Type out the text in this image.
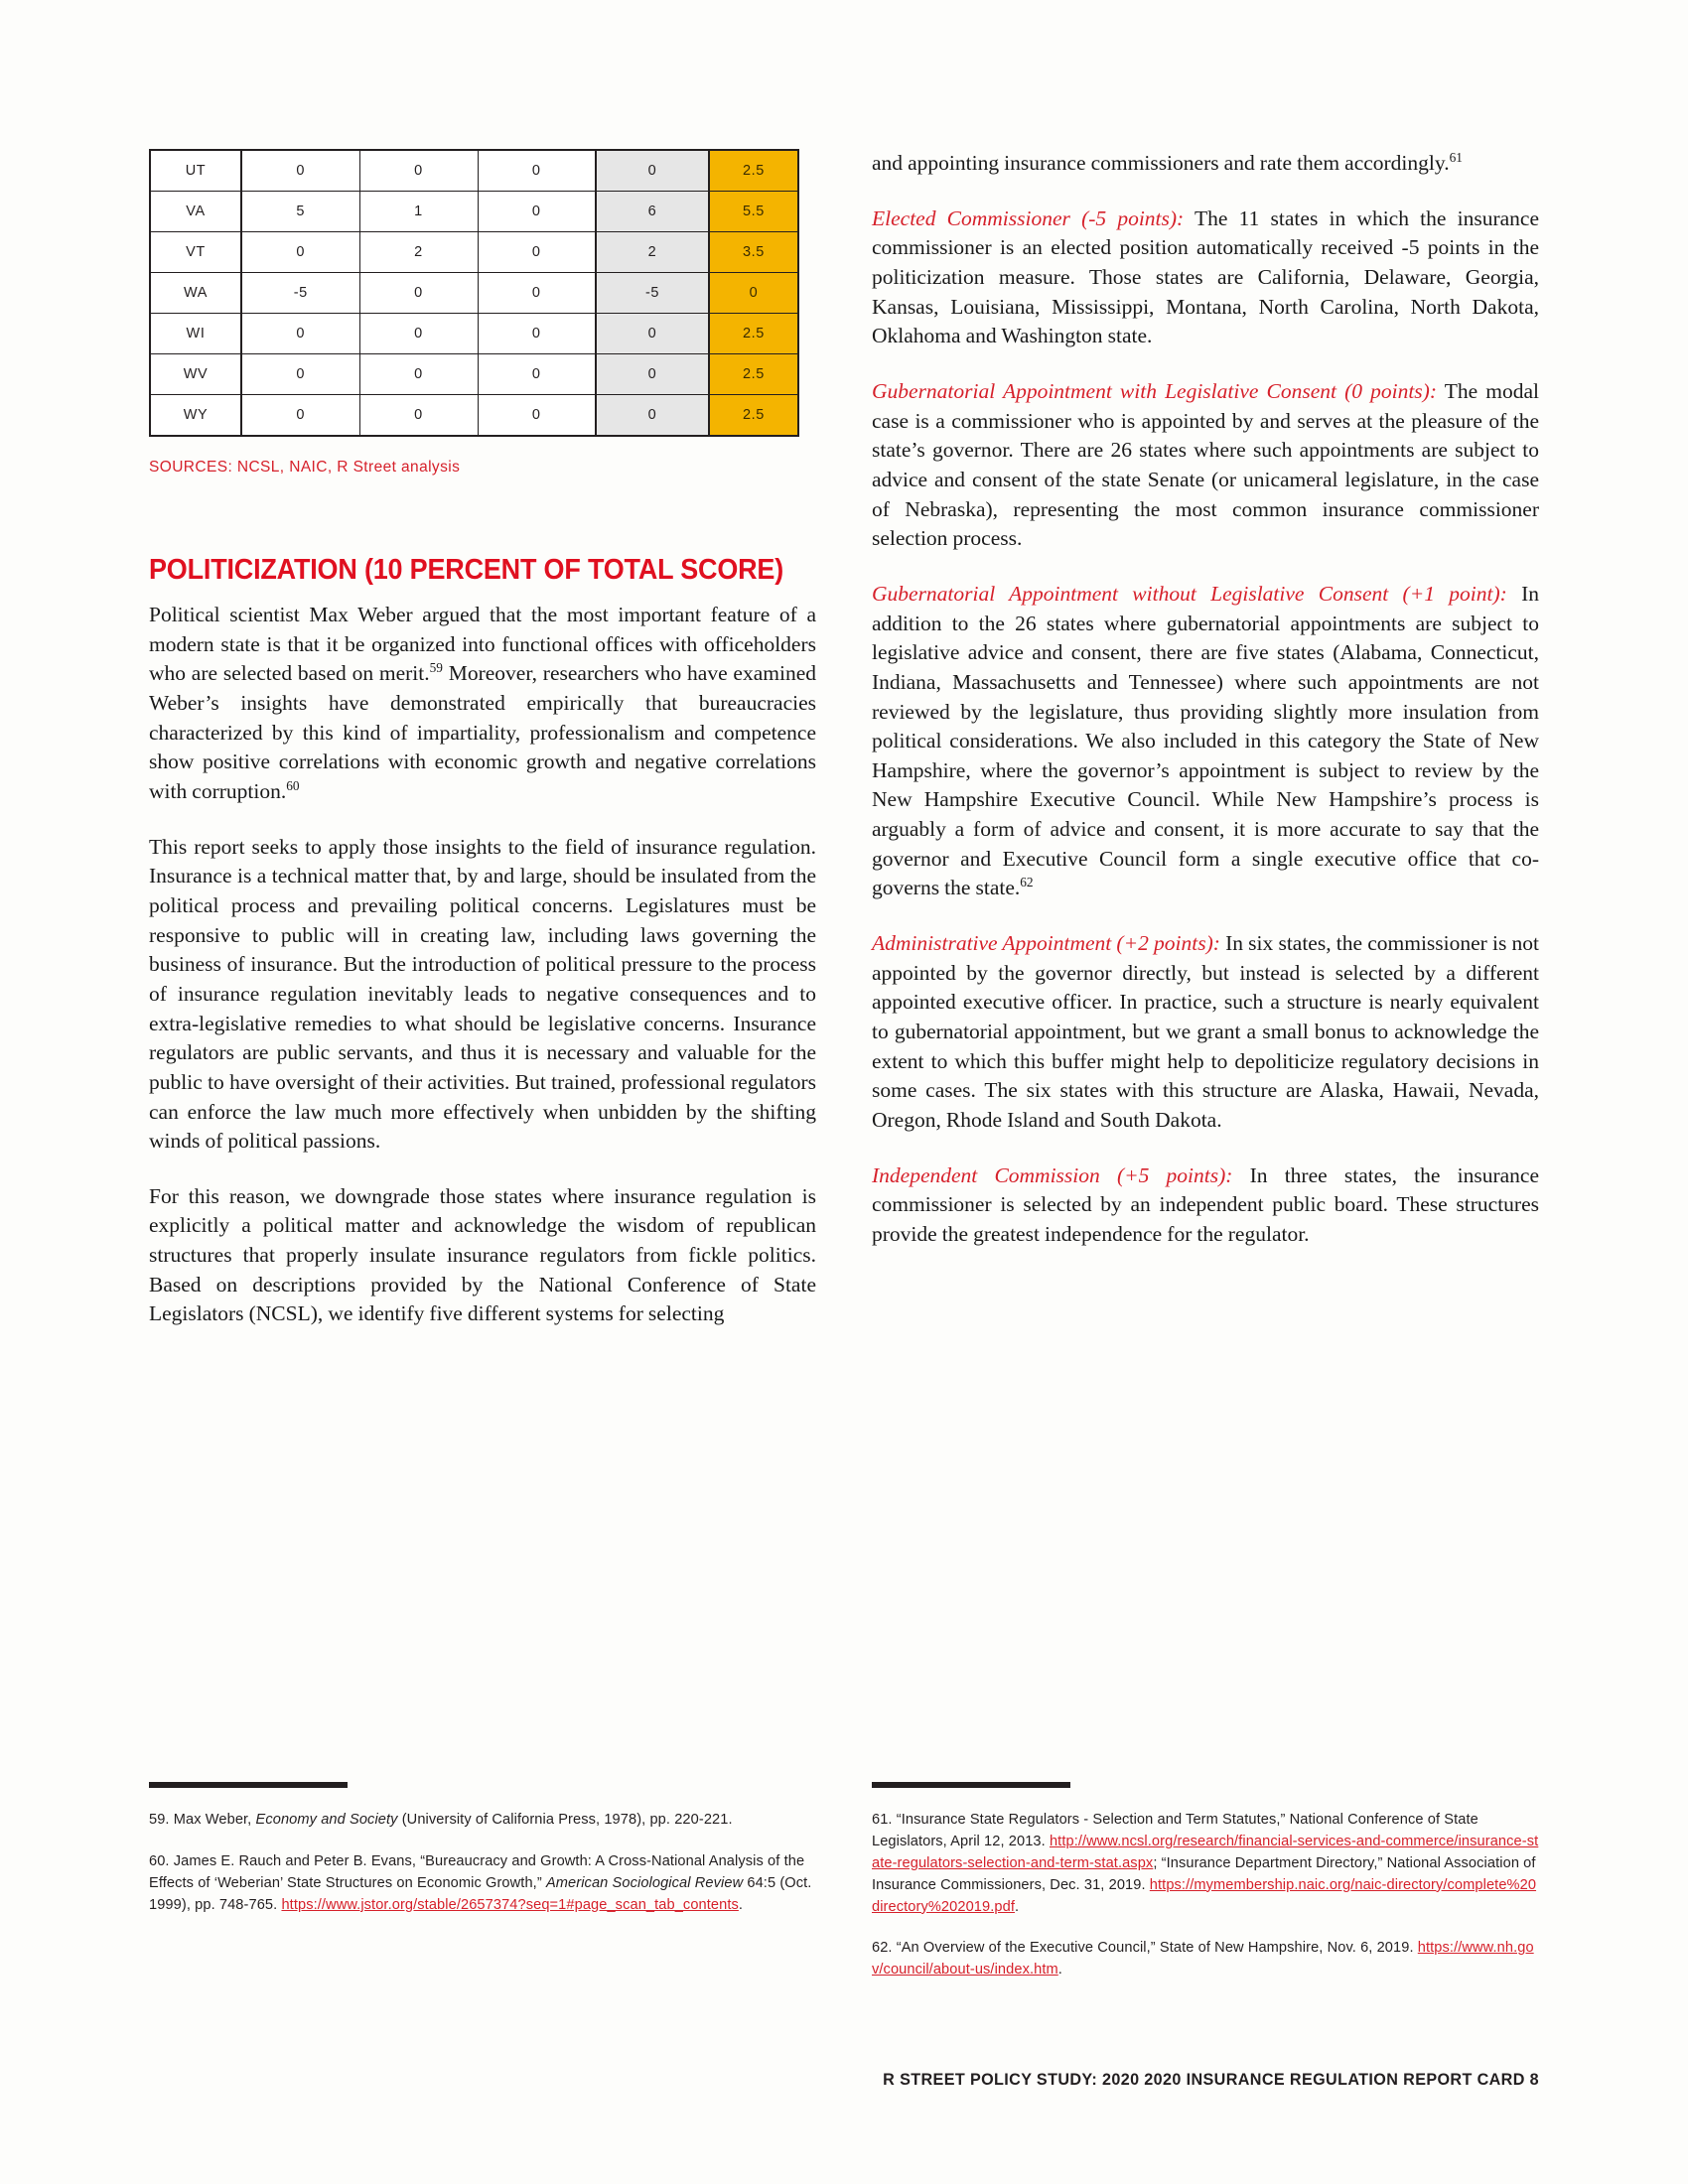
UT	0	0	0	0	2.5
VA	5	1	0	6	5.5
VT	0	2	0	2	3.5
WA	-5	0	0	-5	0
WI	0	0	0	0	2.5
WV	0	0	0	0	2.5
WY	0	0	0	0	2.5
SOURCES: NCSL, NAIC, R Street analysis
POLITICIZATION (10 PERCENT OF TOTAL SCORE)

Political scientist Max Weber argued that the most important feature of a modern state is that it be organized into functional offices with officeholders who are selected based on merit.$^{59}$ Moreover, researchers who have examined Weber’s insights have demonstrated empirically that bureaucracies characterized by this kind of impartiality, professionalism and competence show positive correlations with economic growth and negative correlations with corruption.$^{60}$

This report seeks to apply those insights to the field of insurance regulation. Insurance is a technical matter that, by and large, should be insulated from the political process and prevailing political concerns. Legislatures must be responsive to public will in creating law, including laws governing the business of insurance. But the introduction of political pressure to the process of insurance regulation inevitably leads to negative consequences and to extra-legislative remedies to what should be legislative concerns. Insurance regulators are public servants, and thus it is necessary and valuable for the public to have oversight of their activities. But trained, professional regulators can enforce the law much more effectively when unbidden by the shifting winds of political passions.

For this reason, we downgrade those states where insurance regulation is explicitly a political matter and acknowledge the wisdom of republican structures that properly insulate insurance regulators from fickle politics. Based on descriptions provided by the National Conference of State Legislators (NCSL), we identify five different systems for selecting

and appointing insurance commissioners and rate them accordingly.$^{61}$

Elected Commissioner (-5 points): The 11 states in which the insurance commissioner is an elected position automatically received -5 points in the politicization measure. Those states are California, Delaware, Georgia, Kansas, Louisiana, Mississippi, Montana, North Carolina, North Dakota, Oklahoma and Washington state.

Gubernatorial Appointment with Legislative Consent (0 points): The modal case is a commissioner who is appointed by and serves at the pleasure of the state’s governor. There are 26 states where such appointments are subject to advice and consent of the state Senate (or unicameral legislature, in the case of Nebraska), representing the most common insurance commissioner selection process.

Gubernatorial Appointment without Legislative Consent (+1 point): In addition to the 26 states where gubernatorial appointments are subject to legislative advice and consent, there are five states (Alabama, Connecticut, Indiana, Massachusetts and Tennessee) where such appointments are not reviewed by the legislature, thus providing slightly more insulation from political considerations. We also included in this category the State of New Hampshire, where the governor’s appointment is subject to review by the New Hampshire Executive Council. While New Hampshire’s process is arguably a form of advice and consent, it is more accurate to say that the governor and Executive Council form a single executive office that co-governs the state.$^{62}$

Administrative Appointment (+2 points): In six states, the commissioner is not appointed by the governor directly, but instead is selected by a different appointed executive officer. In practice, such a structure is nearly equivalent to gubernatorial appointment, but we grant a small bonus to acknowledge the extent to which this buffer might help to depoliticize regulatory decisions in some cases. The six states with this structure are Alaska, Hawaii, Nevada, Oregon, Rhode Island and South Dakota.

Independent Commission (+5 points): In three states, the insurance commissioner is selected by an independent public board. These structures provide the greatest independence for the regulator.

59. Max Weber, Economy and Society (University of California Press, 1978), pp. 220-221.

60. James E. Rauch and Peter B. Evans, “Bureaucracy and Growth: A Cross-National Analysis of the Effects of ‘Weberian’ State Structures on Economic Growth,” American Sociological Review 64:5 (Oct. 1999), pp. 748-765. https://www.jstor.org/stable/2657374?seq=1#page_scan_tab_contents.

61. “Insurance State Regulators - Selection and Term Statutes,” National Conference of State Legislators, April 12, 2013. http://www.ncsl.org/research/financial-services-and-commerce/insurance-state-regulators-selection-and-term-stat.aspx; “Insurance Department Directory,” National Association of Insurance Commissioners, Dec. 31, 2019. https://mymembership.naic.org/naic-directory/complete%20directory%202019.pdf.

62. “An Overview of the Executive Council,” State of New Hampshire, Nov. 6, 2019. https://www.nh.gov/council/about-us/index.htm.

R STREET POLICY STUDY: 2020 2020 INSURANCE REGULATION REPORT CARD 8
